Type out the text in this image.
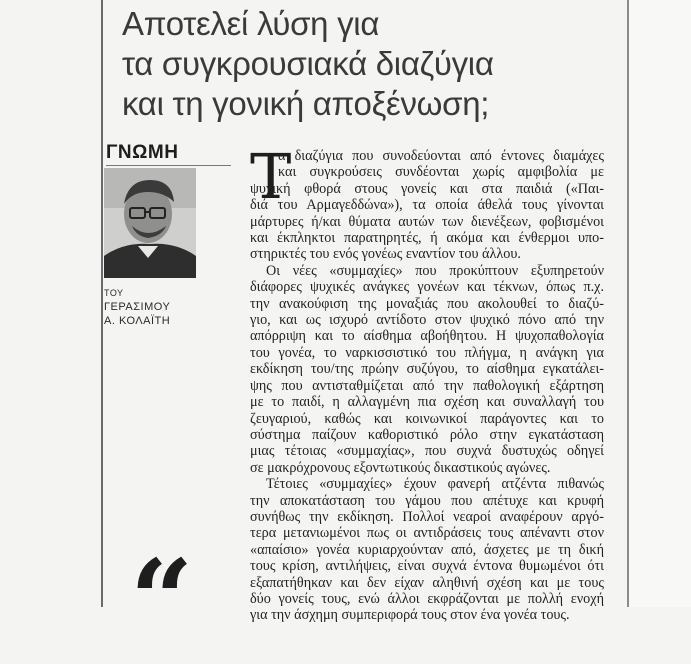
Αποτελεί λύση για
τα συγκρουσιακά διαζύγια
και τη γονική αποξένωση;
ΓΝΩΜΗ
ΤΟΥ
ΓΕΡΑΣΙΜΟΥ
Α. ΚΟΛΑΪΤΗ
“
Τ
α διαζύγια που συνοδεύονται από έντονες διαμάχες
και συγκρούσεις συνδέονται χωρίς αμφιβολία με
ψυχική φθορά στους γονείς και στα παιδιά («Παι-
διά του Αρμαγεδδώνα»), τα οποία άθελά τους γίνονται
μάρτυρες ή/και θύματα αυτών των διενέξεων, φοβισμένοι
και έκπληκτοι παρατηρητές, ή ακόμα και ένθερμοι υπο-
στηρικτές του ενός γονέως εναντίον του άλλου.
Οι νέες «συμμαχίες» που προκύπτουν εξυπηρετούν
διάφορες ψυχικές ανάγκες γονέων και τέκνων, όπως π.χ.
την ανακούφιση της μοναξιάς που ακολουθεί το διαζύ-
γιο, και ως ισχυρό αντίδοτο στον ψυχικό πόνο από την
απόρριψη και το αίσθημα αβοήθητου. Η ψυχοπαθολογία
του γονέα, το ναρκισσιστικό του πλήγμα, η ανάγκη για
εκδίκηση του/της πρώην συζύγου, το αίσθημα εγκατάλει-
ψης που αντισταθμίζεται από την παθολογική εξάρτηση
με το παιδί, η αλλαγμένη πια σχέση και συναλλαγή του
ζευγαριού, καθώς και κοινωνικοί παράγοντες και το
σύστημα παίζουν καθοριστικό ρόλο στην εγκατάσταση
μιας τέτοιας «συμμαχίας», που συχνά δυστυχώς οδηγεί
σε μακρόχρονους εξοντωτικούς δικαστικούς αγώνες.
Τέτοιες «συμμαχίες» έχουν φανερή ατζέντα πιθανώς
την αποκατάσταση του γάμου που απέτυχε και κρυφή
συνήθως την εκδίκηση. Πολλοί νεαροί αναφέρουν αργό-
τερα μετανιωμένοι πως οι αντιδράσεις τους απέναντι στον
«απαίσιο» γονέα κυριαρχούνταν από, άσχετες με τη δική
τους κρίση, αντιλήψεις, είναι συχνά έντονα θυμωμένοι ότι
εξαπατήθηκαν και δεν είχαν αληθινή σχέση και με τους
δύο γονείς τους, ενώ άλλοι εκφράζονται με πολλή ενοχή
για την άσχημη συμπεριφορά τους στον ένα γονέα τους.
